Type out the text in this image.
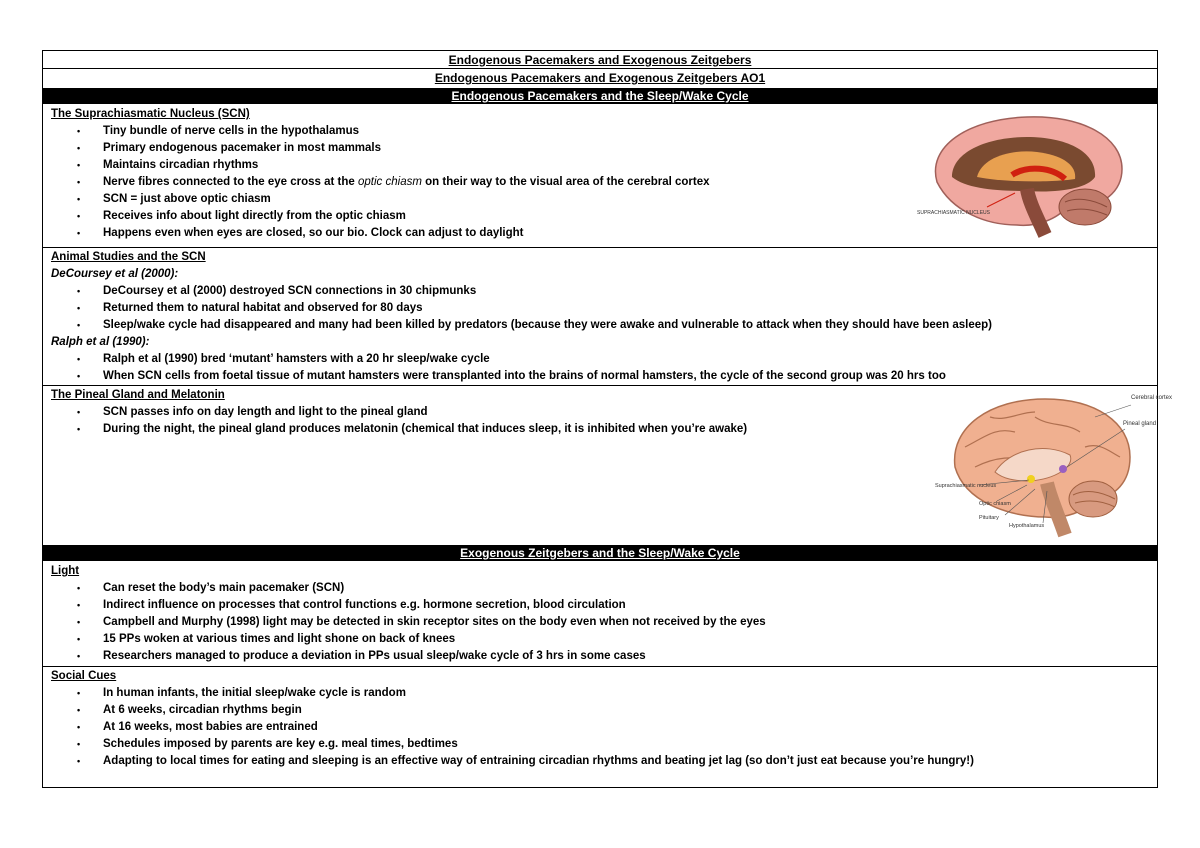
Endogenous Pacemakers and Exogenous Zeitgebers
Endogenous Pacemakers and Exogenous Zeitgebers AO1
Endogenous Pacemakers and the Sleep/Wake Cycle
The Suprachiasmatic Nucleus (SCN)
• Tiny bundle of nerve cells in the hypothalamus
• Primary endogenous pacemaker in most mammals
• Maintains circadian rhythms
• Nerve fibres connected to the eye cross at the optic chiasm on their way to the visual area of the cerebral cortex
• SCN = just above optic chiasm
• Receives info about light directly from the optic chiasm
• Happens even when eyes are closed, so our bio. Clock can adjust to daylight
SUPRACHIASMATIC NUCLEUS
Animal Studies and the SCN
DeCoursey et al (2000):
• DeCoursey et al (2000) destroyed SCN connections in 30 chipmunks
• Returned them to natural habitat and observed for 80 days
• Sleep/wake cycle had disappeared and many had been killed by predators (because they were awake and vulnerable to attack when they should have been asleep)
Ralph et al (1990):
• Ralph et al (1990) bred ‘mutant’ hamsters with a 20 hr sleep/wake cycle
• When SCN cells from foetal tissue of mutant hamsters were transplanted into the brains of normal hamsters, the cycle of the second group was 20 hrs too
The Pineal Gland and Melatonin
• SCN passes info on day length and light to the pineal gland
• During the night, the pineal gland produces melatonin (chemical that induces sleep, it is inhibited when you’re awake)
Cerebral cortex
Pineal gland
Suprachiasmatic nucleus
Optic chiasm
Pituitary
Hypothalamus
Exogenous Zeitgebers and the Sleep/Wake Cycle
Light
• Can reset the body’s main pacemaker (SCN)
• Indirect influence on processes that control functions e.g. hormone secretion, blood circulation
• Campbell and Murphy (1998) light may be detected in skin receptor sites on the body even when not received by the eyes
• 15 PPs woken at various times and light shone on back of knees
• Researchers managed to produce a deviation in PPs usual sleep/wake cycle of 3 hrs in some cases
Social Cues
• In human infants, the initial sleep/wake cycle is random
• At 6 weeks, circadian rhythms begin
• At 16 weeks, most babies are entrained
• Schedules imposed by parents are key e.g. meal times, bedtimes
• Adapting to local times for eating and sleeping is an effective way of entraining circadian rhythms and beating jet lag (so don’t just eat because you’re hungry!)
